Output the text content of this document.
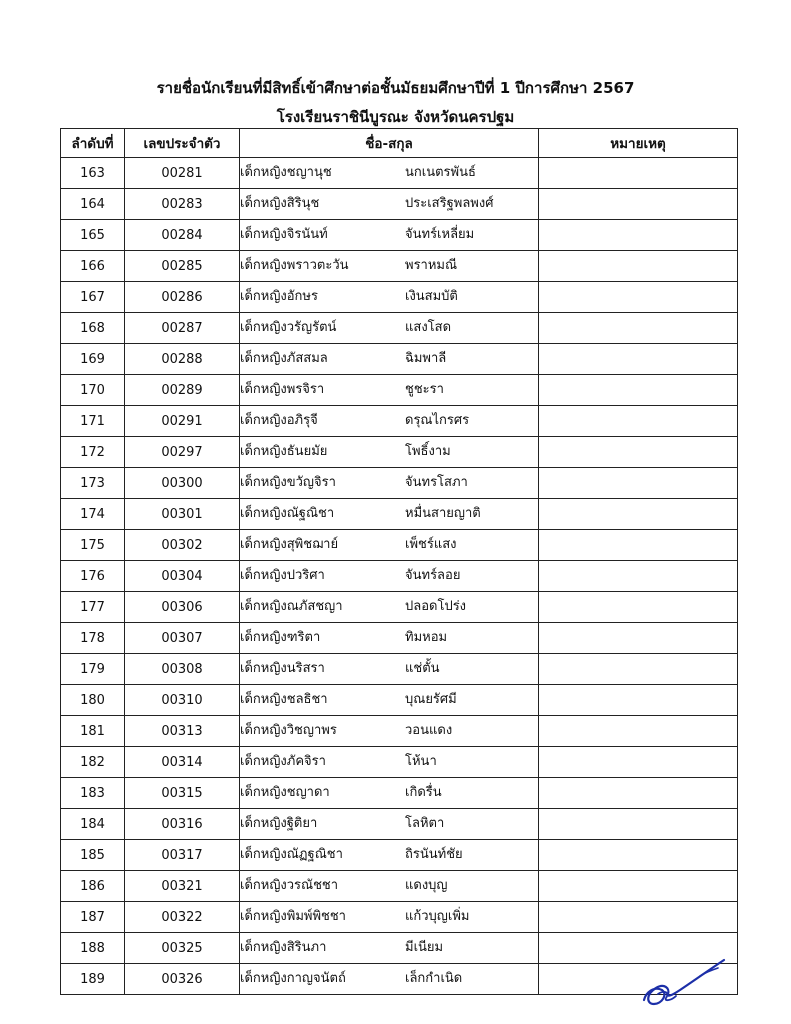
รายชื่อนักเรียนที่มีสิทธิ์เข้าศึกษาต่อชั้นมัธยมศึกษาปีที่ 1 ปีการศึกษา 2567
โรงเรียนราชินีบูรณะ จังหวัดนครปฐม
ลำดับที่	เลขประจำตัว	ชื่อ-สกุล	หมายเหตุ
163	00281	เด็กหญิงชญานุช นกเนตรพันธ์	
164	00283	เด็กหญิงสิรินุช ประเสริฐพลพงศ์	
165	00284	เด็กหญิงจิรนันท์ จันทร์เหลี่ยม	
166	00285	เด็กหญิงพราวตะวัน พราหมณี	
167	00286	เด็กหญิงอักษร เงินสมบัติ	
168	00287	เด็กหญิงวรัญรัตน์ แสงโสด	
169	00288	เด็กหญิงภัสสมล ฉิมพาลี	
170	00289	เด็กหญิงพรจิรา ชูชะรา	
171	00291	เด็กหญิงอภิรุจี ดรุณไกรศร	
172	00297	เด็กหญิงธันยมัย โพธิ์งาม	
173	00300	เด็กหญิงขวัญจิรา จันทรโสภา	
174	00301	เด็กหญิงณัฐณิชา หมื่นสายญาติ	
175	00302	เด็กหญิงสุพิชฌาย์ เพ็ชร์แสง	
176	00304	เด็กหญิงปวริศา จันทร์ลอย	
177	00306	เด็กหญิงณภัสชญา ปลอดโปร่ง	
178	00307	เด็กหญิงฑริตา ทิมหอม	
179	00308	เด็กหญิงนริสรา แช่ตั้น	
180	00310	เด็กหญิงชลธิชา บุณยรัศมี	
181	00313	เด็กหญิงวิชญาพร วอนแดง	
182	00314	เด็กหญิงภัคจิรา โห้นา	
183	00315	เด็กหญิงชญาดา เกิดรื่น	
184	00316	เด็กหญิงฐิติยา โลหิตา	
185	00317	เด็กหญิงณัฏฐณิชา ถิรนันท์ชัย	
186	00321	เด็กหญิงวรณัชชา แดงบุญ	
187	00322	เด็กหญิงพิมพ์พิชชา แก้วบุญเพิ่ม	
188	00325	เด็กหญิงสิรินภา มีเนียม	
189	00326	เด็กหญิงกาญจนัตถ์ เล็กกำเนิด	
